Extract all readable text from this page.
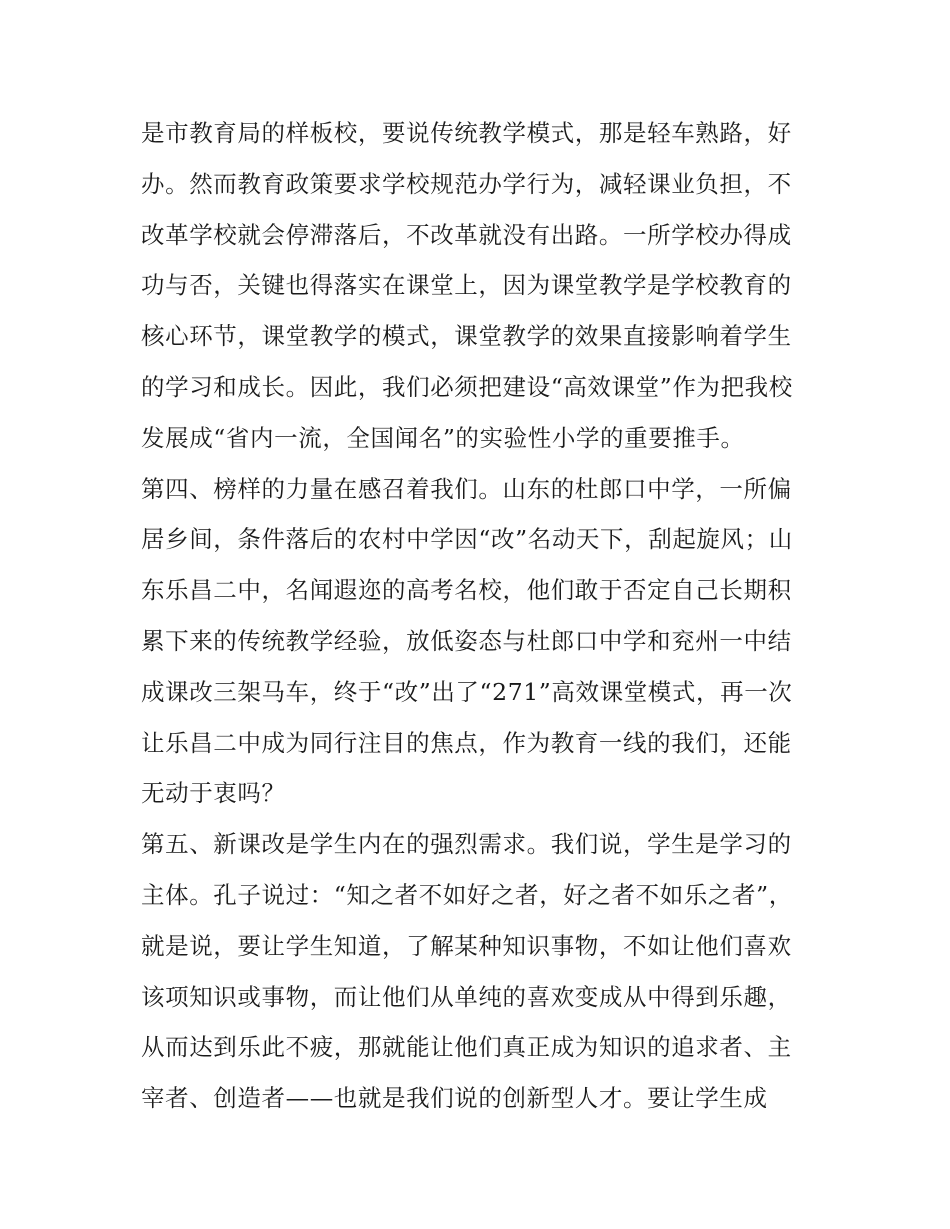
是市教育局的样板校，要说传统教学模式，那是轻车熟路，好
办。然而教育政策要求学校规范办学行为，减轻课业负担，不
改革学校就会停滞落后，不改革就没有出路。一所学校办得成
功与否，关键也得落实在课堂上，因为课堂教学是学校教育的
核心环节，课堂教学的模式，课堂教学的效果直接影响着学生
的学习和成长。因此，我们必须把建设“高效课堂”作为把我校
发展成“省内一流，全国闻名”的实验性小学的重要推手。
第四、榜样的力量在感召着我们。山东的杜郎口中学，一所偏
居乡间，条件落后的农村中学因“改”名动天下，刮起旋风；山
东乐昌二中，名闻遐迩的高考名校，他们敢于否定自己长期积
累下来的传统教学经验，放低姿态与杜郎口中学和兖州一中结
成课改三架马车，终于“改”出了“271”高效课堂模式，再一次
让乐昌二中成为同行注目的焦点，作为教育一线的我们，还能
无动于衷吗？
第五、新课改是学生内在的强烈需求。我们说，学生是学习的
主体。孔子说过：“知之者不如好之者，好之者不如乐之者”，
就是说，要让学生知道，了解某种知识事物，不如让他们喜欢
该项知识或事物，而让他们从单纯的喜欢变成从中得到乐趣，
从而达到乐此不疲，那就能让他们真正成为知识的追求者、主
宰者、创造者——也就是我们说的创新型人才。要让学生成
